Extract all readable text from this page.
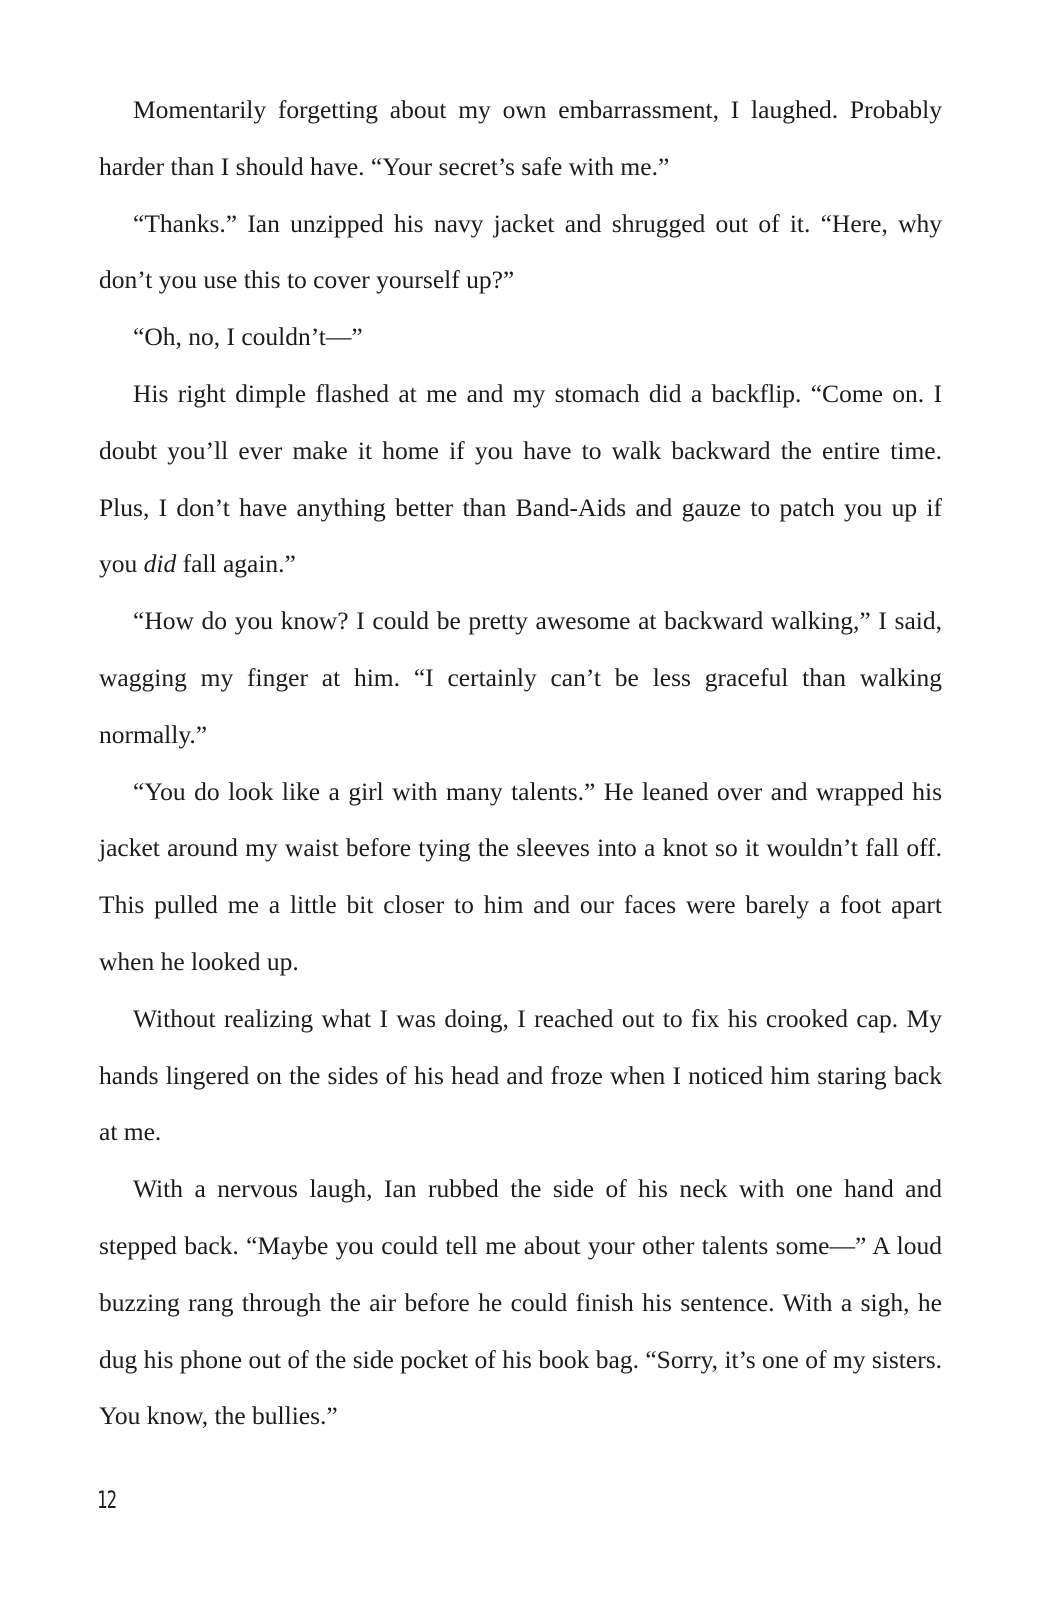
Momentarily forgetting about my own embarrassment, I laughed. Probably harder than I should have. “Your secret’s safe with me.”

“Thanks.” Ian unzipped his navy jacket and shrugged out of it. “Here, why don’t you use this to cover yourself up?”

“Oh, no, I couldn’t—”

His right dimple flashed at me and my stomach did a backflip. “Come on. I doubt you’ll ever make it home if you have to walk backward the entire time. Plus, I don’t have anything better than Band-Aids and gauze to patch you up if you did fall again.”

“How do you know? I could be pretty awesome at backward walking,” I said, wagging my finger at him. “I certainly can’t be less graceful than walking normally.”

“You do look like a girl with many talents.” He leaned over and wrapped his jacket around my waist before tying the sleeves into a knot so it wouldn’t fall off. This pulled me a little bit closer to him and our faces were barely a foot apart when he looked up.

Without realizing what I was doing, I reached out to fix his crooked cap. My hands lingered on the sides of his head and froze when I noticed him staring back at me.

With a nervous laugh, Ian rubbed the side of his neck with one hand and stepped back. “Maybe you could tell me about your other talents some—” A loud buzzing rang through the air before he could finish his sentence. With a sigh, he dug his phone out of the side pocket of his book bag. “Sorry, it’s one of my sisters. You know, the bullies.”

12
